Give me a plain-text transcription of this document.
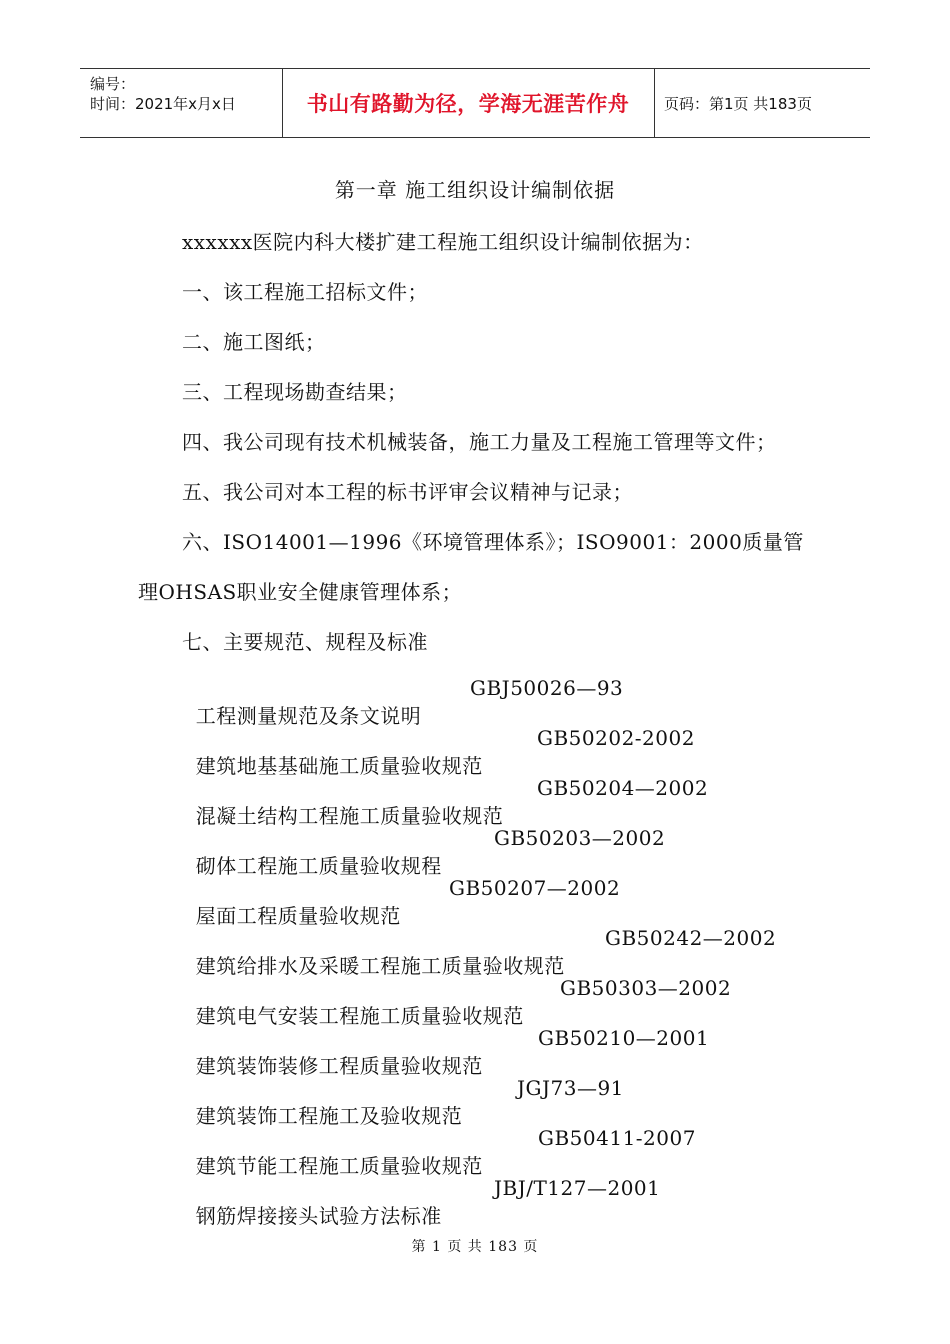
编号：
时间：2021年x月x日	书山有路勤为径，学海无涯苦作舟	页码：第1页 共183页
第一章 施工组织设计编制依据
xxxxxx医院内科大楼扩建工程施工组织设计编制依据为：
一、该工程施工招标文件；
二、施工图纸；
三、工程现场勘查结果；
四、我公司现有技术机械装备，施工力量及工程施工管理等文件；
五、我公司对本工程的标书评审会议精神与记录；
六、ISO14001—1996《环境管理体系》；ISO9001：2000质量管
理OHSAS职业安全健康管理体系；
七、主要规范、规程及标准

工程测量规范及条文说明

GBJ50026—93

建筑地基基础施工质量验收规范

GB50202-2002

混凝土结构工程施工质量验收规范

GB50204—2002

砌体工程施工质量验收规程

GB50203—2002

屋面工程质量验收规范

GB50207—2002

建筑给排水及采暖工程施工质量验收规范

GB50242—2002

建筑电气安装工程施工质量验收规范

GB50303—2002

建筑装饰装修工程质量验收规范

GB50210—2001

建筑装饰工程施工及验收规范

JGJ73—91

建筑节能工程施工质量验收规范

GB50411-2007

钢筋焊接接头试验方法标准

JBJ/T127—2001

第 1 页 共 183 页
